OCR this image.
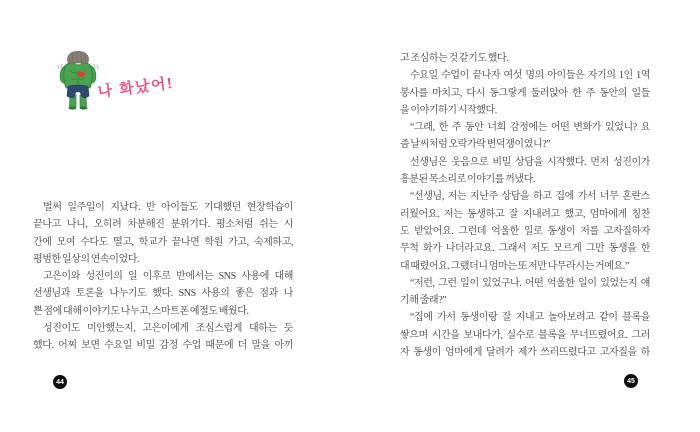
나 화났어!
벌써 일주일이 지났다. 반 아이들도 기대했던 현장학습이
끝나고 나니, 오히려 차분해진 분위기다. 평소처럼 쉬는 시
간에 모여 수다도 떨고, 학교가 끝나면 학원 가고, 숙제하고,
평범한 일상의 연속이었다.
고은이와 성진이의 일 이후로 반에서는 SNS 사용에 대해
선생님과 토론을 나누기도 했다. SNS 사용의 좋은 점과 나
쁜 점에 대해 이야기도 나누고, 스마트폰 예절도 배웠다.
성진이도 미안했는지, 고은이에게 조심스럽게 대하는 듯
했다. 어찌 보면 수요일 비밀 감정 수업 때문에 더 말을 아끼
고 조심하는 것 같기도 했다.
수요일 수업이 끝나자 여섯 명의 아이들은 자기의 1인 1역
봉사를 마치고, 다시 동그랗게 둘러앉아 한 주 동안의 일들
을 이야기하기 시작했다.
“그래, 한 주 동안 너희 감정에는 어떤 변화가 있었니? 요
즘 날씨처럼 오락가락 변덕쟁이였니?”
선생님은 웃음으로 비밀 상담을 시작했다. 먼저 성진이가
흥분된 목소리로 이야기를 꺼냈다.
“선생님, 저는 지난주 상담을 하고 집에 가서 너무 혼란스
러웠어요. 저는 동생하고 잘 지내려고 했고, 엄마에게 칭찬
도 받았어요. 그런데 억울한 일로 동생이 저를 고자질하자
무척 화가 나더라고요. 그래서 저도 모르게 그만 동생을 한
대 때렸어요. 그랬더니 엄마는 또 저만 나무라시는 거예요.”
“저런, 그런 일이 있었구나. 어떤 억울한 일이 있었는지 얘
기해 줄래?”
“집에 가서 동생이랑 잘 지내고 놀아보려고 같이 블록을
쌓으며 시간을 보내다가, 실수로 블록을 무너뜨렸어요. 그러
자 동생이 엄마에게 달려가 제가 쓰러뜨렸다고 고자질을 하
44	45
